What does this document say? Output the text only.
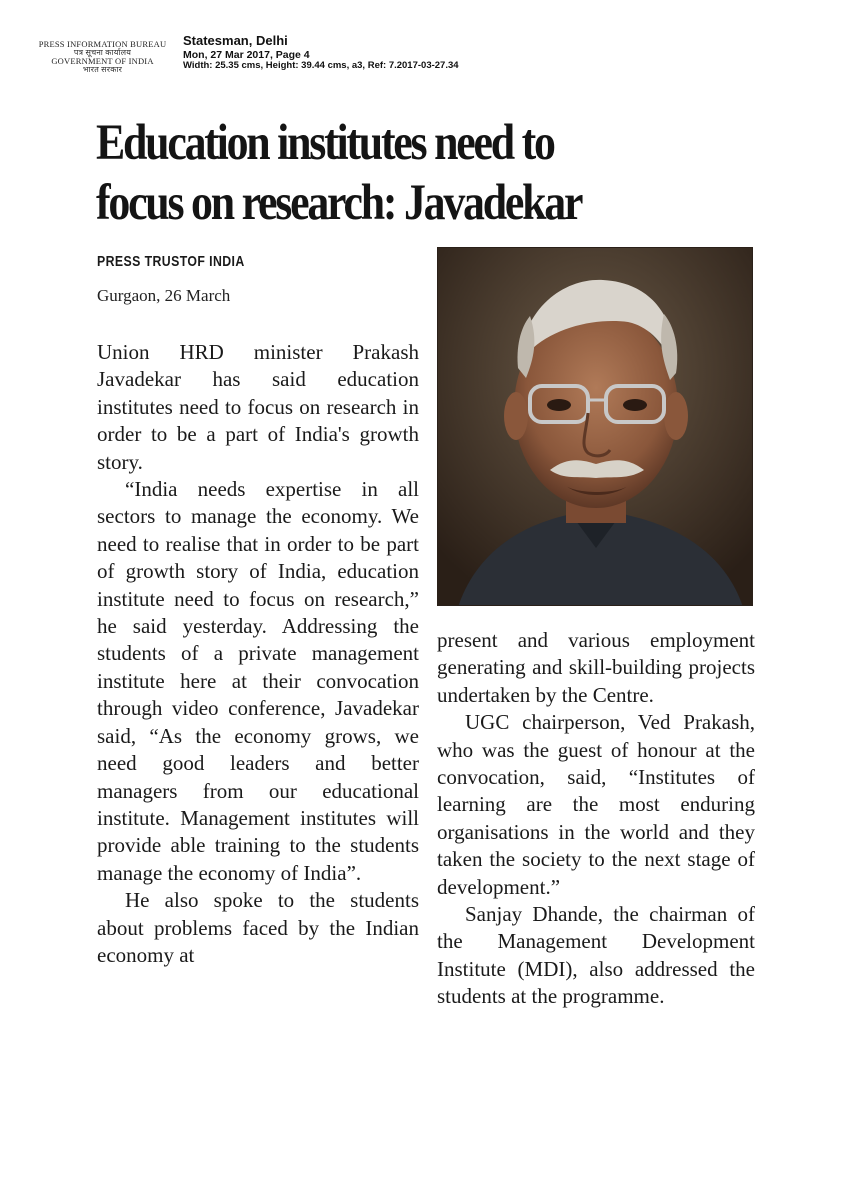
PRESS INFORMATION BUREAU
पत्र सूचना कार्यालय
GOVERNMENT OF INDIA
भारत सरकार
Statesman, Delhi
Mon, 27 Mar 2017, Page 4
Width: 25.35 cms, Height: 39.44 cms, a3, Ref: 7.2017-03-27.34
Education institutes need to
focus on research: Javadekar
PRESS TRUSTOF INDIA
Gurgaon, 26 March

Union HRD minister Prakash Javadekar has said education institutes need to focus on research in order to be a part of India's growth story.

“India needs expertise in all sectors to manage the economy. We need to realise that in order to be part of growth story of India, education institute need to focus on research,” he said yesterday. Addressing the students of a private management institute here at their convocation through video conference, Javadekar said, “As the economy grows, we need good leaders and better managers from our educational institute. Management institutes will provide able training to the students manage the economy of India”.

He also spoke to the students about problems faced by the Indian economy at

present and various employment generating and skill-building projects undertaken by the Centre.

UGC chairperson, Ved Prakash, who was the guest of honour at the convocation, said, “Institutes of learning are the most enduring organisations in the world and they taken the society to the next stage of development.”

Sanjay Dhande, the chairman of the Management Development Institute (MDI), also addressed the students at the programme.
